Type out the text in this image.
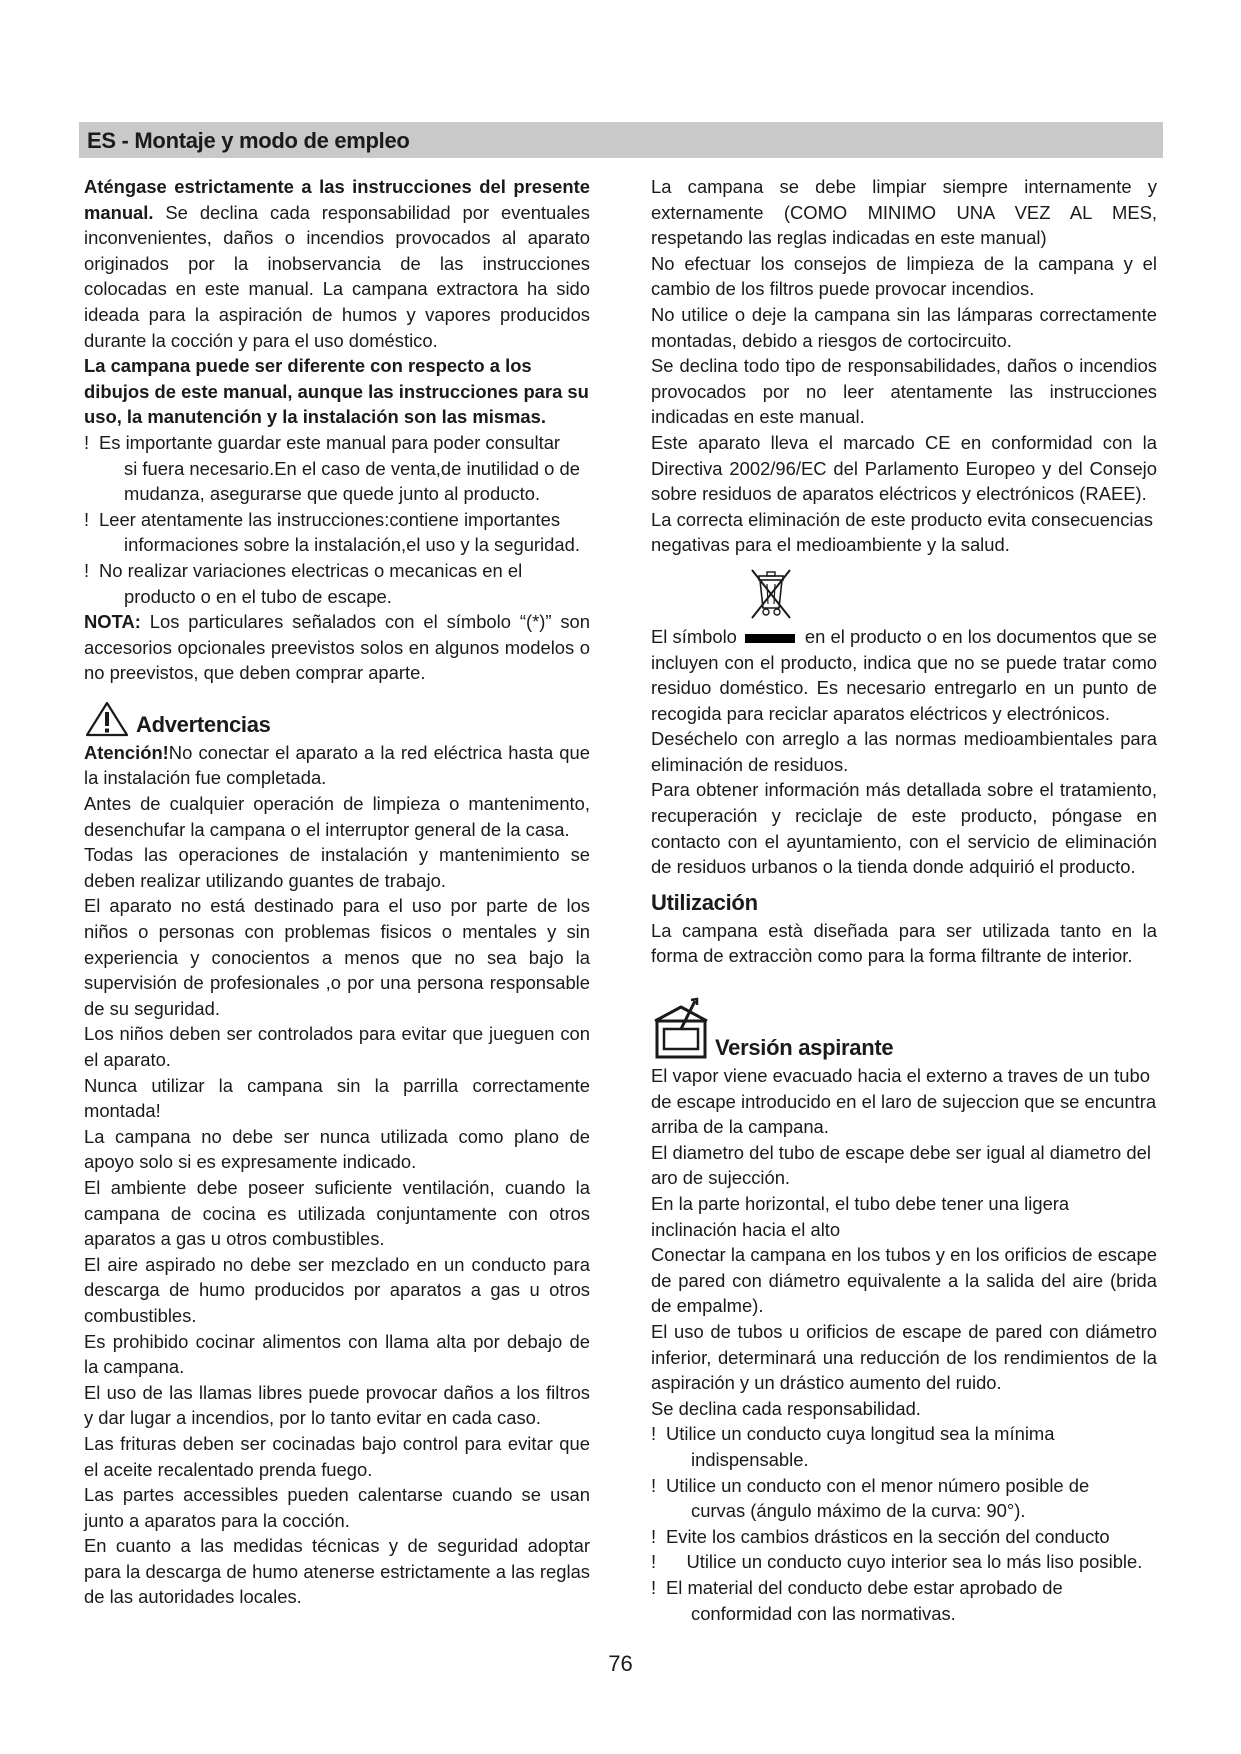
ES - Montaje y modo de empleo

Aténgase estrictamente a las instrucciones del presente manual. Se declina cada responsabilidad por eventuales inconvenientes, daños o incendios provocados al aparato originados por la inobservancia de las instrucciones colocadas en este manual. La campana extractora ha sido ideada para la aspiración de humos y vapores producidos durante la cocción y para el uso doméstico.

La campana puede ser diferente con respecto a los dibujos de este manual, aunque las instrucciones para su uso, la manutención y la instalación son las mismas.

! Es importante guardar este manual para poder consultar
si fuera necesario.En el caso de venta,de inutilidad o de mudanza, asegurarse que quede junto al producto.
! Leer atentamente las instrucciones:contiene importantes
informaciones sobre la instalación,el uso y la seguridad.
! No realizar variaciones electricas o mecanicas en el
producto o en el tubo de escape.

NOTA: Los particulares señalados con el símbolo “(*)” son accesorios opcionales preevistos solos en algunos modelos o no preevistos, que deben comprar aparte.

Advertencias

Atención!No conectar el aparato a la red eléctrica hasta que la instalación fue completada.

Antes de cualquier operación de limpieza o mantenimento, desenchufar la campana o el interruptor general de la casa.

Todas las operaciones de instalación y mantenimiento se deben realizar utilizando guantes de trabajo.

El aparato no está destinado para el uso por parte de los niños o personas con problemas fisicos o mentales y sin experiencia y conocientos a menos que no sea bajo la supervisión de profesionales ,o por una persona responsable de su seguridad.

Los niños deben ser controlados para evitar que jueguen con el aparato.

Nunca utilizar la campana sin la parrilla correctamente montada!

La campana no debe ser nunca utilizada como plano de apoyo solo si es expresamente indicado.

El ambiente debe poseer suficiente ventilación, cuando la campana de cocina es utilizada conjuntamente con otros aparatos a gas u otros combustibles.

El aire aspirado no debe ser mezclado en un conducto para descarga de humo producidos por aparatos a gas u otros combustibles.

Es prohibido cocinar alimentos con llama alta por debajo de la campana.

El uso de las llamas libres puede provocar daños a los filtros y dar lugar a incendios, por lo tanto evitar en cada caso.

Las frituras deben ser cocinadas bajo control para evitar que el aceite recalentado prenda fuego.

Las partes accessibles pueden calentarse cuando se usan junto a aparatos para la cocción.

En cuanto a las medidas técnicas y de seguridad adoptar para la descarga de humo atenerse estrictamente a las reglas de las autoridades locales.

La campana se debe limpiar siempre internamente y externamente (COMO MINIMO UNA VEZ AL MES, respetando las reglas indicadas en este manual)

No efectuar los consejos de limpieza de la campana y el cambio de los filtros puede provocar incendios.

No utilice o deje la campana sin las lámparas correctamente montadas, debido a riesgos de cortocircuito.

Se declina todo tipo de responsabilidades, daños o incendios provocados por no leer atentamente las instrucciones indicadas en este manual.

Este aparato lleva el marcado CE en conformidad con la Directiva 2002/96/EC del Parlamento Europeo y del Consejo sobre residuos de aparatos eléctricos y electrónicos (RAEE).

La correcta eliminación de este producto evita consecuencias negativas para el medioambiente y la salud.

El símbolo	en el producto o en los documentos que se incluyen con el producto, indica que no se puede tratar como residuo doméstico. Es necesario entregarlo en un punto de recogida para reciclar aparatos eléctricos y electrónicos.

Deséchelo con arreglo a las normas medioambientales para eliminación de residuos.

Para obtener información más detallada sobre el tratamiento, recuperación y reciclaje de este producto, póngase en contacto con el ayuntamiento, con el servicio de eliminación de residuos urbanos o la tienda donde adquirió el producto.

Utilización

La campana està diseñada para ser utilizada tanto en la forma de extracciòn como para la forma filtrante de interior.

Versión aspirante

El vapor viene evacuado hacia el externo a traves de un tubo de escape introducido en el laro de sujeccion que se encuntra arriba de la campana.

El diametro del tubo de escape debe ser igual al diametro del aro de sujección.

En la parte horizontal, el tubo debe tener una ligera inclinación hacia el alto

Conectar la campana en los tubos y en los orificios de escape de pared con diámetro equivalente a la salida del aire (brida de empalme).

El uso de tubos u orificios de escape de pared con diámetro inferior, determinará una reducción de los rendimientos de la aspiración y un drástico aumento del ruido.

Se declina cada responsabilidad.

! Utilice un conducto cuya longitud sea la mínima
indispensable.
! Utilice un conducto con el menor número posible de
curvas (ángulo máximo de la curva: 90°).
! Evite los cambios drásticos en la sección del conducto
! Utilice un conducto cuyo interior sea lo más liso posible.
! El material del conducto debe estar aprobado de
conformidad con las normativas.
76
